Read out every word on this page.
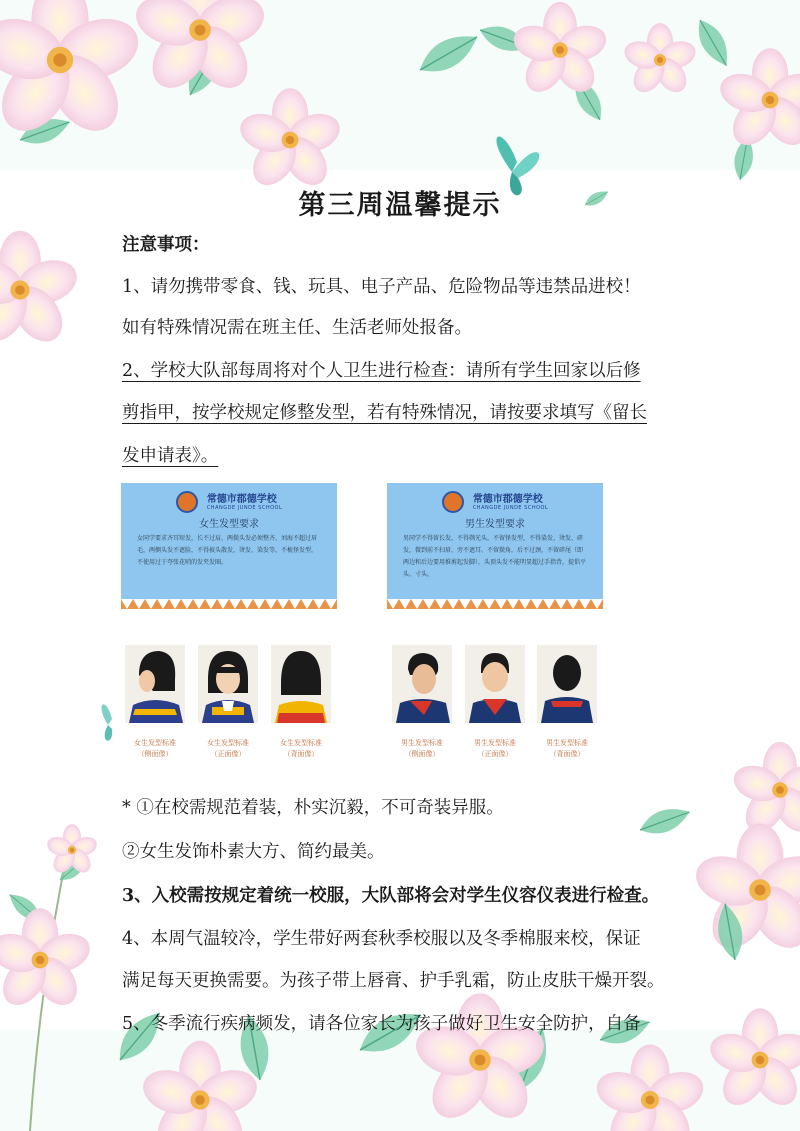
第三周温馨提示

注意事项：

1、请勿携带零食、钱、玩具、电子产品、危险物品等违禁品进校！

如有特殊情况需在班主任、生活老师处报备。

2、学校大队部每周将对个人卫生进行检查：请所有学生回家以后修

剪指甲，按学校规定修整发型，若有特殊情况，请按要求填写《留长

发申请表》。

常德市郡德学校
CHANGDE JUNDE SCHOOL
女生发型要求
女同学要求齐耳短发，长不过肩，两鬓头发必须整齐，刘海不超过眉毛，两侧头发不遮脸，不得披头散发，烫发、染发等，不梳怪发型，不使用过于夸张花哨的发夹发圈。

常德市郡德学校
CHANGDE JUNDE SCHOOL
男生发型要求
男同学不得留长发，不得剃光头，不留怪发型，不得染发、烫发、碎发，微到前不扫眉、旁不遮耳、不留鬓角，后不过颈，不留碎尾（即两边和后边要用推剪起发脚），头顶头发不能明显超过手指背，提倡平头、寸头。
女生发型标准
（侧面像）
女生发型标准
（正面像）
女生发型标准
（背面像）
男生发型标准
（侧面像）
男生发型标准
（正面像）
男生发型标准
（背面像）

* ①在校需规范着装，朴实沉毅，不可奇装异服。

②女生发饰朴素大方、简约最美。

3、入校需按规定着统一校服，大队部将会对学生仪容仪表进行检查。

4、本周气温较冷，学生带好两套秋季校服以及冬季棉服来校，保证

满足每天更换需要。为孩子带上唇膏、护手乳霜，防止皮肤干燥开裂。

5、冬季流行疾病频发，请各位家长为孩子做好卫生安全防护，自备
